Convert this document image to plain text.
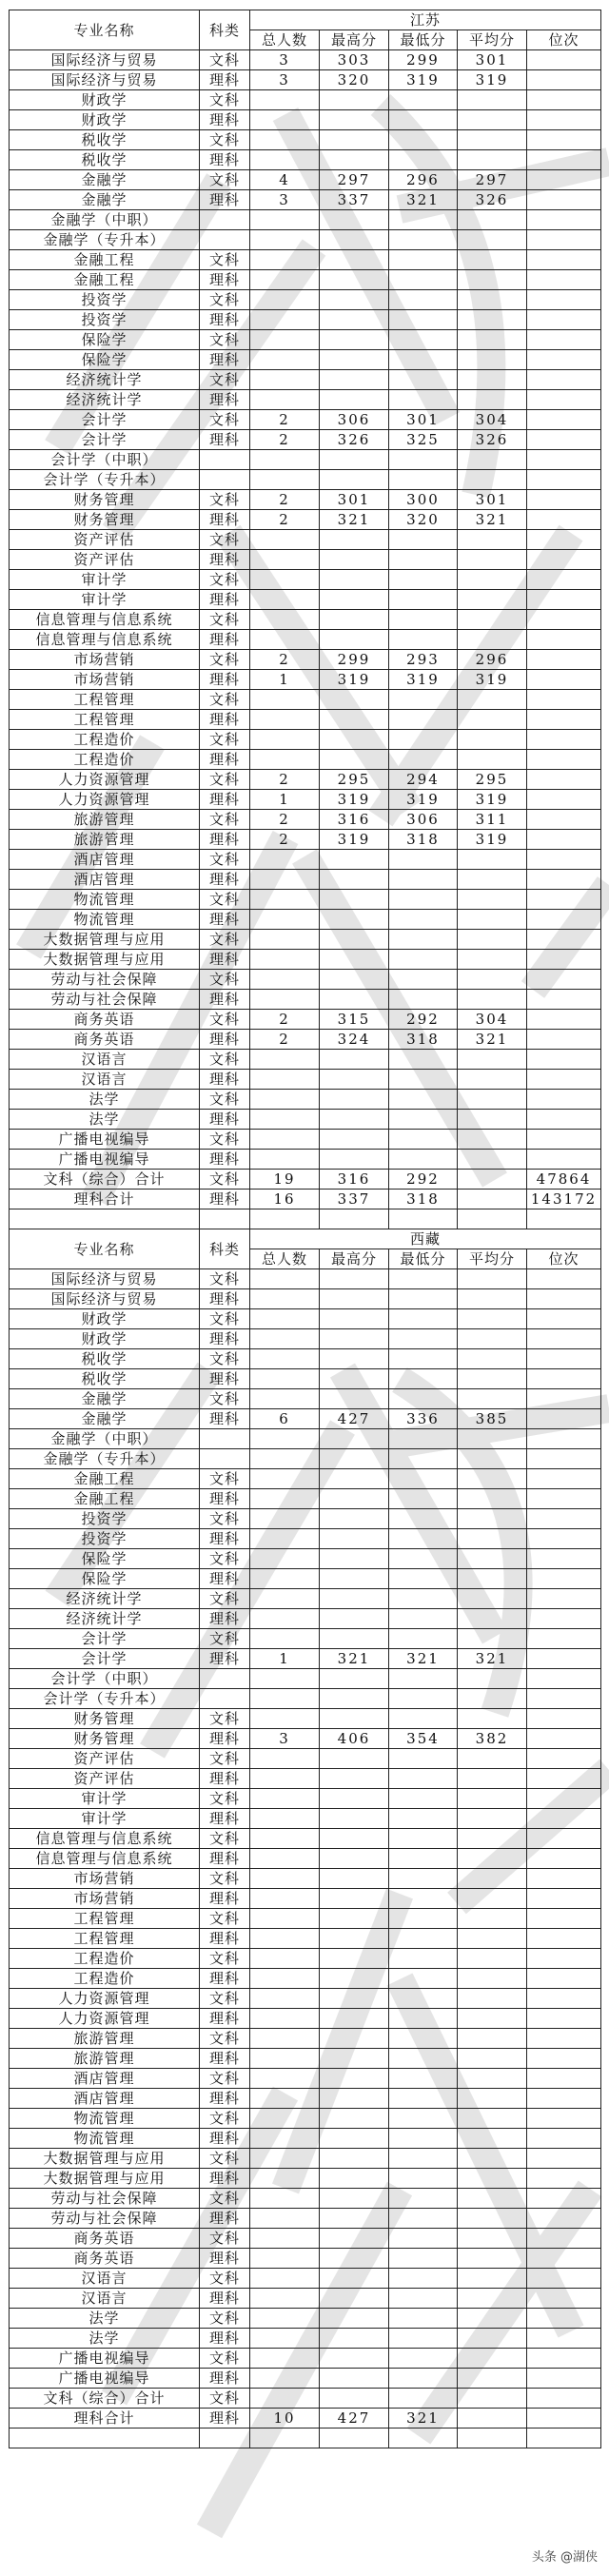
专业名称	科类	江苏				
		总人数	最高分	最低分	平均分	位次
国际经济与贸易	文科	3	303	299	301	
国际经济与贸易	理科	3	320	319	319	
财政学	文科					
财政学	理科					
税收学	文科					
税收学	理科					
金融学	文科	4	297	296	297	
金融学	理科	3	337	321	326	
金融学（中职）						
金融学（专升本）						
金融工程	文科					
金融工程	理科					
投资学	文科					
投资学	理科					
保险学	文科					
保险学	理科					
经济统计学	文科					
经济统计学	理科					
会计学	文科	2	306	301	304	
会计学	理科	2	326	325	326	
会计学（中职）						
会计学（专升本）						
财务管理	文科	2	301	300	301	
财务管理	理科	2	321	320	321	
资产评估	文科					
资产评估	理科					
审计学	文科					
审计学	理科					
信息管理与信息系统	文科					
信息管理与信息系统	理科					
市场营销	文科	2	299	293	296	
市场营销	理科	1	319	319	319	
工程管理	文科					
工程管理	理科					
工程造价	文科					
工程造价	理科					
人力资源管理	文科	2	295	294	295	
人力资源管理	理科	1	319	319	319	
旅游管理	文科	2	316	306	311	
旅游管理	理科	2	319	318	319	
酒店管理	文科					
酒店管理	理科					
物流管理	文科					
物流管理	理科					
大数据管理与应用	文科					
大数据管理与应用	理科					
劳动与社会保障	文科					
劳动与社会保障	理科					
商务英语	文科	2	315	292	304	
商务英语	理科	2	324	318	321	
汉语言	文科					
汉语言	理科					
法学	文科					
法学	理科					
广播电视编导	文科					
广播电视编导	理科					
文科（综合）合计	文科	19	316	292		47864
理科合计	理科	16	337	318		143172

专业名称	科类	西藏				
		总人数	最高分	最低分	平均分	位次
国际经济与贸易	文科					
国际经济与贸易	理科					
财政学	文科					
财政学	理科					
税收学	文科					
税收学	理科					
金融学	文科					
金融学	理科	6	427	336	385	
金融学（中职）						
金融学（专升本）						
金融工程	文科					
金融工程	理科					
投资学	文科					
投资学	理科					
保险学	文科					
保险学	理科					
经济统计学	文科					
经济统计学	理科					
会计学	文科					
会计学	理科	1	321	321	321	
会计学（中职）						
会计学（专升本）						
财务管理	文科					
财务管理	理科	3	406	354	382	
资产评估	文科					
资产评估	理科					
审计学	文科					
审计学	理科					
信息管理与信息系统	文科					
信息管理与信息系统	理科					
市场营销	文科					
市场营销	理科					
工程管理	文科					
工程管理	理科					
工程造价	文科					
工程造价	理科					
人力资源管理	文科					
人力资源管理	理科					
旅游管理	文科					
旅游管理	理科					
酒店管理	文科					
酒店管理	理科					
物流管理	文科					
物流管理	理科					
大数据管理与应用	文科					
大数据管理与应用	理科					
劳动与社会保障	文科					
劳动与社会保障	理科					
商务英语	文科					
商务英语	理科					
汉语言	文科					
汉语言	理科					
法学	文科					
法学	理科					
广播电视编导	文科					
广播电视编导	理科					
文科（综合）合计	文科					
理科合计	理科	10	427	321		

头条 @湖侠
